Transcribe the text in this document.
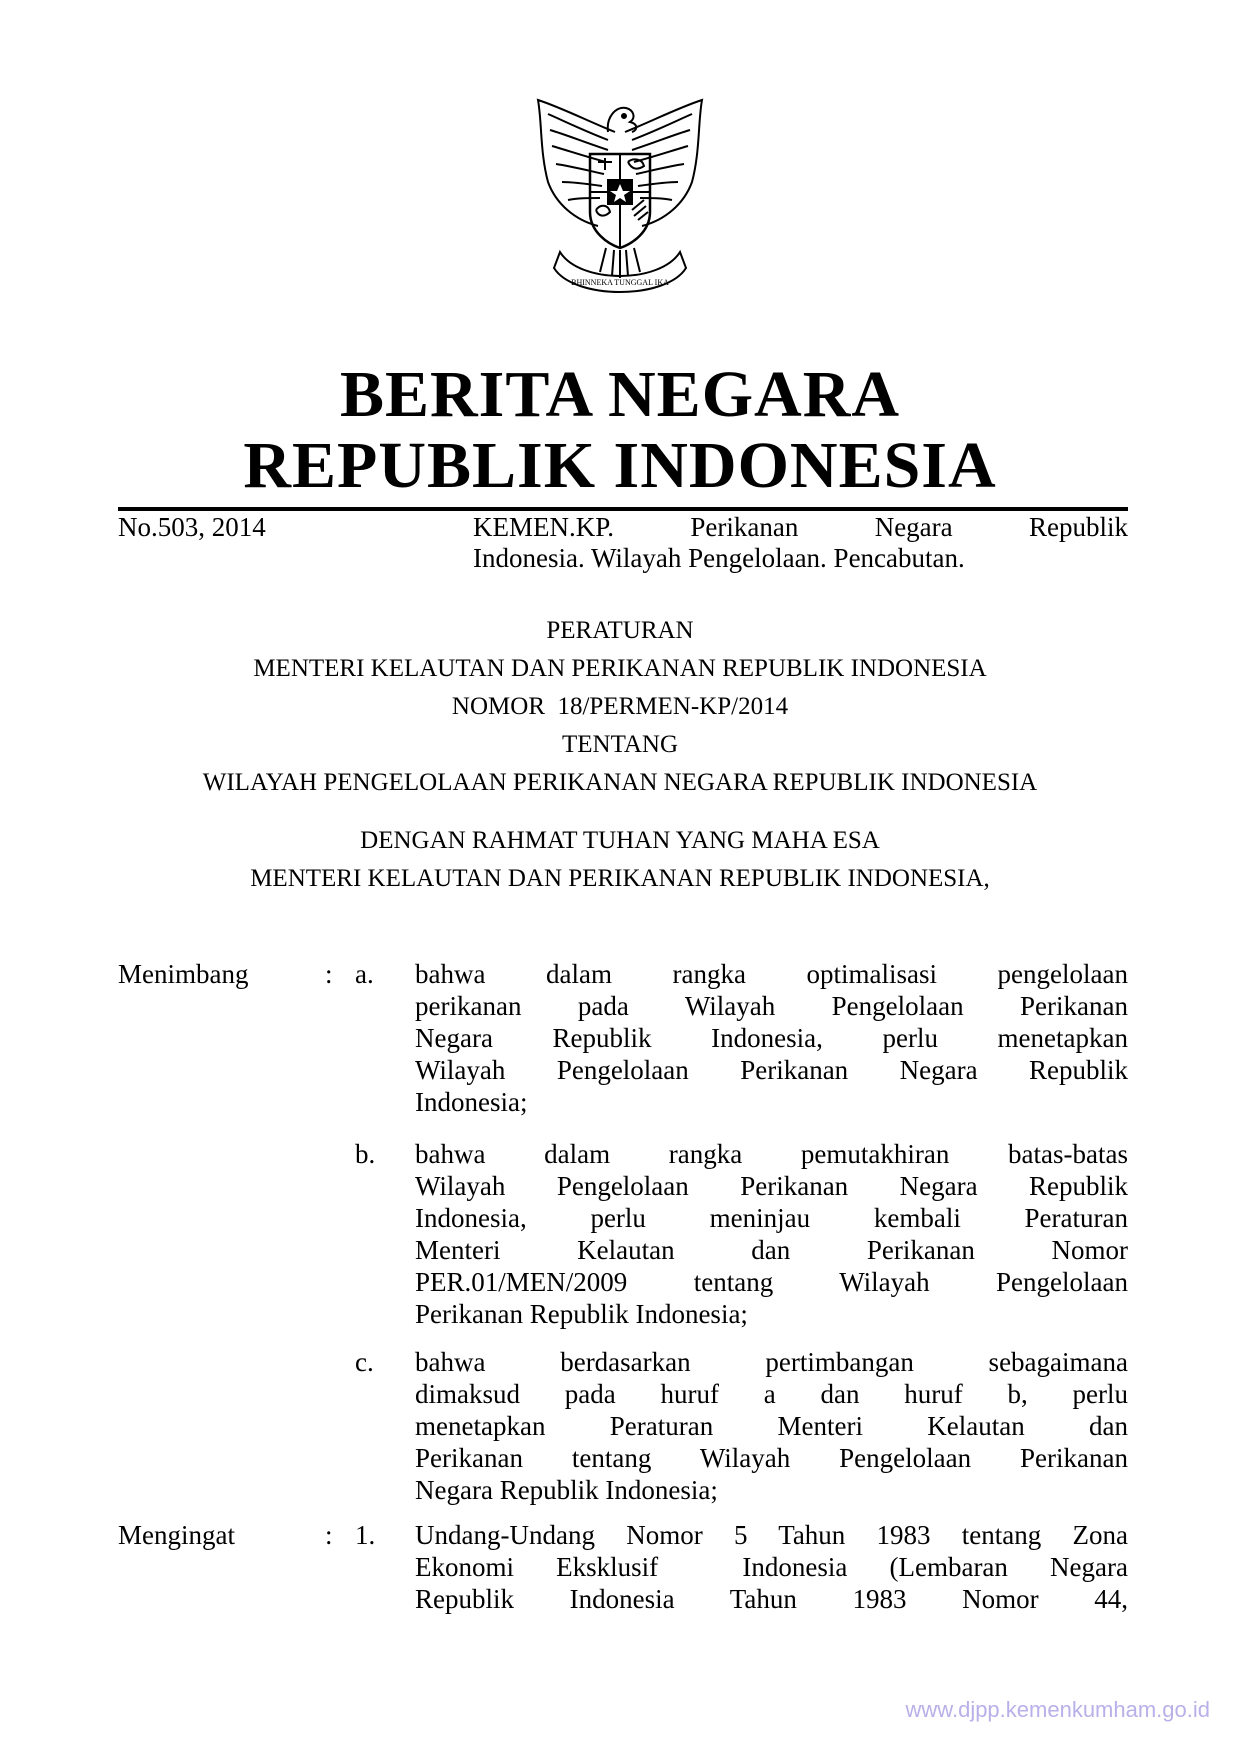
BHINNEKA TUNGGAL IKA
BERITA NEGARA
REPUBLIK INDONESIA
No.503, 2014	KEMEN.KP. Perikanan Negara Republik
Indonesia. Wilayah Pengelolaan. Pencabutan.
PERATURAN
MENTERI KELAUTAN DAN PERIKANAN REPUBLIK INDONESIA
NOMOR  18/PERMEN-KP/2014
TENTANG
WILAYAH PENGELOLAAN PERIKANAN NEGARA REPUBLIK INDONESIA
DENGAN RAHMAT TUHAN YANG MAHA ESA
MENTERI KELAUTAN DAN PERIKANAN REPUBLIK INDONESIA,
Menimbang	: a. bahwa dalam rangka optimalisasi pengelolaan
perikanan pada Wilayah Pengelolaan Perikanan
Negara Republik Indonesia, perlu menetapkan
Wilayah Pengelolaan Perikanan Negara Republik
Indonesia;
b. bahwa dalam rangka pemutakhiran batas-batas
Wilayah Pengelolaan Perikanan Negara Republik
Indonesia, perlu meninjau kembali Peraturan
Menteri Kelautan dan Perikanan Nomor
PER.01/MEN/2009 tentang Wilayah Pengelolaan
Perikanan Republik Indonesia;
c. bahwa berdasarkan pertimbangan sebagaimana
dimaksud pada huruf a dan huruf b, perlu
menetapkan Peraturan Menteri Kelautan dan
Perikanan tentang Wilayah Pengelolaan Perikanan
Negara Republik Indonesia;
Mengingat	: 1. Undang-Undang Nomor 5 Tahun 1983 tentang Zona
Ekonomi Eksklusif  Indonesia (Lembaran Negara
Republik Indonesia Tahun 1983 Nomor 44,
www.djpp.kemenkumham.go.id
